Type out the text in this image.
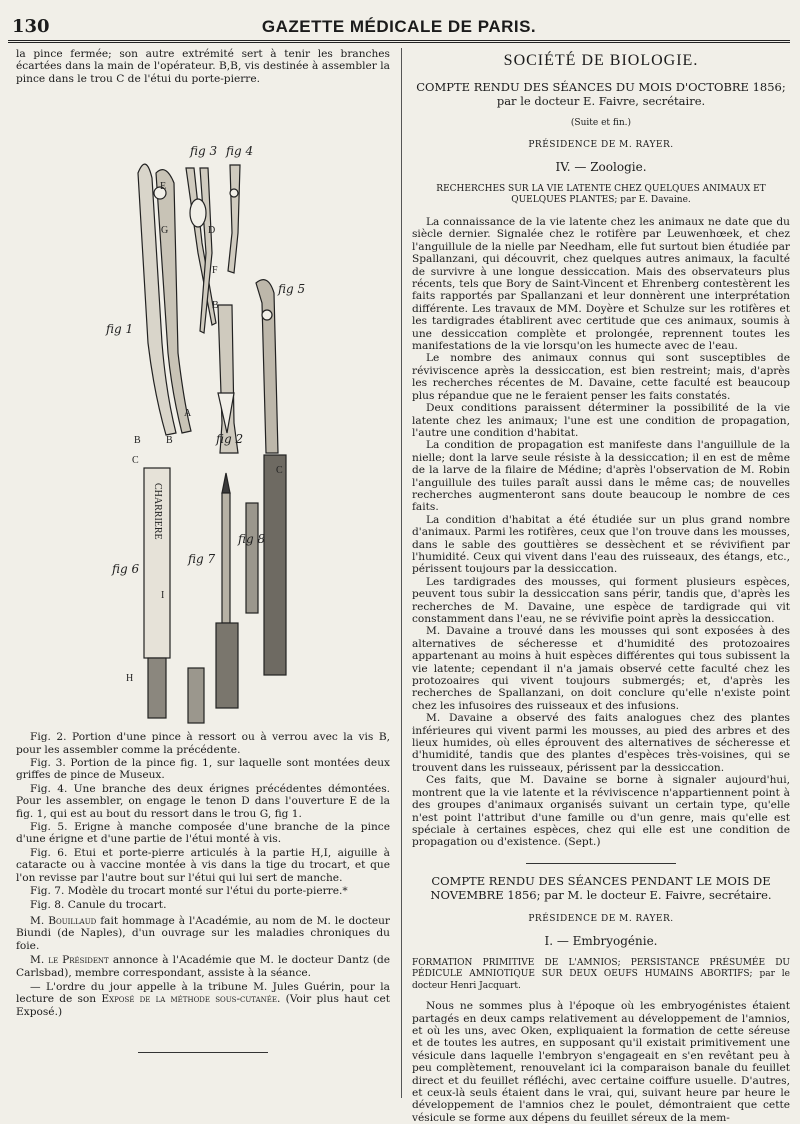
130	GAZETTE MÉDICALE DE PARIS.

la pince fermée; son autre extrémité sert à tenir les branches écartées dans la main de l'opérateur. B,B, vis destinée à assembler la pince dans le trou C de l'étui du porte-pierre.

fig 3 fig 4
fig 1
fig 5
fig 2
fig 6
fig 7
fig 8
E
G	D
F
B
A
B	B
C
H
I
C
CHARRIERE

Fig. 2. Portion d'une pince à ressort ou à verrou avec la vis B, pour les assembler comme la précédente.

Fig. 3. Portion de la pince fig. 1, sur laquelle sont montées deux griffes de pince de Museux.

Fig. 4. Une branche des deux érignes précédentes démontées. Pour les assembler, on engage le tenon D dans l'ouverture E de la fig. 1, qui est au bout du ressort dans le trou G, fig 1.

Fig. 5. Erigne à manche composée d'une branche de la pince d'une érigne et d'une partie de l'étui monté à vis.

Fig. 6. Etui et porte-pierre articulés à la partie H,I, aiguille à cataracte ou à vaccine montée à vis dans la tige du trocart, et que l'on revisse par l'autre bout sur l'étui qui lui sert de manche.

Fig. 7. Modèle du trocart monté sur l'étui du porte-pierre.*

Fig. 8. Canule du trocart.

M. Bouillaud fait hommage à l'Académie, au nom de M. le docteur Biundi (de Naples), d'un ouvrage sur les maladies chroniques du foie.

M. le Président annonce à l'Académie que M. le docteur Dantz (de Carlsbad), membre correspondant, assiste à la séance.

— L'ordre du jour appelle à la tribune M. Jules Guérin, pour la lecture de son Exposé de la méthode sous-cutanée. (Voir plus haut cet Exposé.)

SOCIÉTÉ DE BIOLOGIE.
COMPTE RENDU DES SÉANCES DU MOIS D'OCTOBRE 1856; par le docteur E. Faivre, secrétaire.
(Suite et fin.)
PRÉSIDENCE DE M. RAYER.
IV. — Zoologie.
RECHERCHES SUR LA VIE LATENTE CHEZ QUELQUES ANIMAUX ET QUELQUES PLANTES; par E. Davaine.

La connaissance de la vie latente chez les animaux ne date que du siècle dernier. Signalée chez le rotifère par Leuwenhœek, et chez l'anguillule de la nielle par Needham, elle fut surtout bien étudiée par Spallanzani, qui découvrit, chez quelques autres animaux, la faculté de survivre à une longue dessiccation. Mais des observateurs plus récents, tels que Bory de Saint-Vincent et Ehrenberg contestèrent les faits rapportés par Spallanzani et leur donnèrent une interprétation différente. Les travaux de MM. Doyère et Schulze sur les rotifères et les tardigrades établirent avec certitude que ces animaux, soumis à une dessiccation complète et prolongée, reprennent toutes les manifestations de la vie lorsqu'on les humecte avec de l'eau.

Le nombre des animaux connus qui sont susceptibles de réviviscence après la dessiccation, est bien restreint; mais, d'après les recherches récentes de M. Davaine, cette faculté est beaucoup plus répandue que ne le feraient penser les faits constatés.

Deux conditions paraissent déterminer la possibilité de la vie latente chez les animaux; l'une est une condition de propagation, l'autre une condition d'habitat.

La condition de propagation est manifeste dans l'anguillule de la nielle; dont la larve seule résiste à la dessiccation; il en est de même de la larve de la filaire de Médine; d'après l'observation de M. Robin l'anguillule des tuiles paraît aussi dans le même cas; de nouvelles recherches augmenteront sans doute beaucoup le nombre de ces faits.

La condition d'habitat a été étudiée sur un plus grand nombre d'animaux. Parmi les rotifères, ceux que l'on trouve dans les mousses, dans le sable des gouttières se dessèchent et se révivifient par l'humidité. Ceux qui vivent dans l'eau des ruisseaux, des étangs, etc., périssent toujours par la dessiccation.

Les tardigrades des mousses, qui forment plusieurs espèces, peuvent tous subir la dessiccation sans périr, tandis que, d'après les recherches de M. Davaine, une espèce de tardigrade qui vit constamment dans l'eau, ne se révivifie point après la dessiccation.

M. Davaine a trouvé dans les mousses qui sont exposées à des alternatives de sécheresse et d'humidité des protozoaires appartenant au moins à huit espèces différentes qui tous subissent la vie latente; cependant il n'a jamais observé cette faculté chez les protozoaires qui vivent toujours submergés; et, d'après les recherches de Spallanzani, on doit conclure qu'elle n'existe point chez les infusoires des ruisseaux et des infusions.

M. Davaine a observé des faits analogues chez des plantes inférieures qui vivent parmi les mousses, au pied des arbres et des lieux humides, où elles éprouvent des alternatives de sécheresse et d'humidité, tandis que des plantes d'espèces très-voisines, qui se trouvent dans les ruisseaux, périssent par la dessiccation.

Ces faits, que M. Davaine se borne à signaler aujourd'hui, montrent que la vie latente et la réviviscence n'appartiennent point à des groupes d'animaux organisés suivant un certain type, qu'elle n'est point l'attribut d'une famille ou d'un genre, mais qu'elle est spéciale à certaines espèces, chez qui elle est une condition de propagation ou d'existence. (Sept.)

COMPTE RENDU DES SÉANCES PENDANT LE MOIS DE NOVEMBRE 1856; par M. le docteur E. Faivre, secrétaire.
PRÉSIDENCE DE M. RAYER.
I. — Embryogénie.
FORMATION PRIMITIVE DE L'AMNIOS; PERSISTANCE PRÉSUMÉE DU PÉDICULE AMNIOTIQUE SUR DEUX OEUFS HUMAINS ABORTIFS; par le docteur Henri Jacquart.

Nous ne sommes plus à l'époque où les embryogénistes étaient partagés en deux camps relativement au développement de l'amnios, et où les uns, avec Oken, expliquaient la formation de cette séreuse et de toutes les autres, en supposant qu'il existait primitivement une vésicule dans laquelle l'embryon s'engageait en s'en revêtant peu à peu complètement, renouvelant ici la comparaison banale du feuillet direct et du feuillet réfléchi, avec certaine coiffure usuelle. D'autres, et ceux-là seuls étaient dans le vrai, qui, suivant heure par heure le développement de l'amnios chez le poulet, démontraient que cette vésicule se forme aux dépens du feuillet séreux de la mem-
